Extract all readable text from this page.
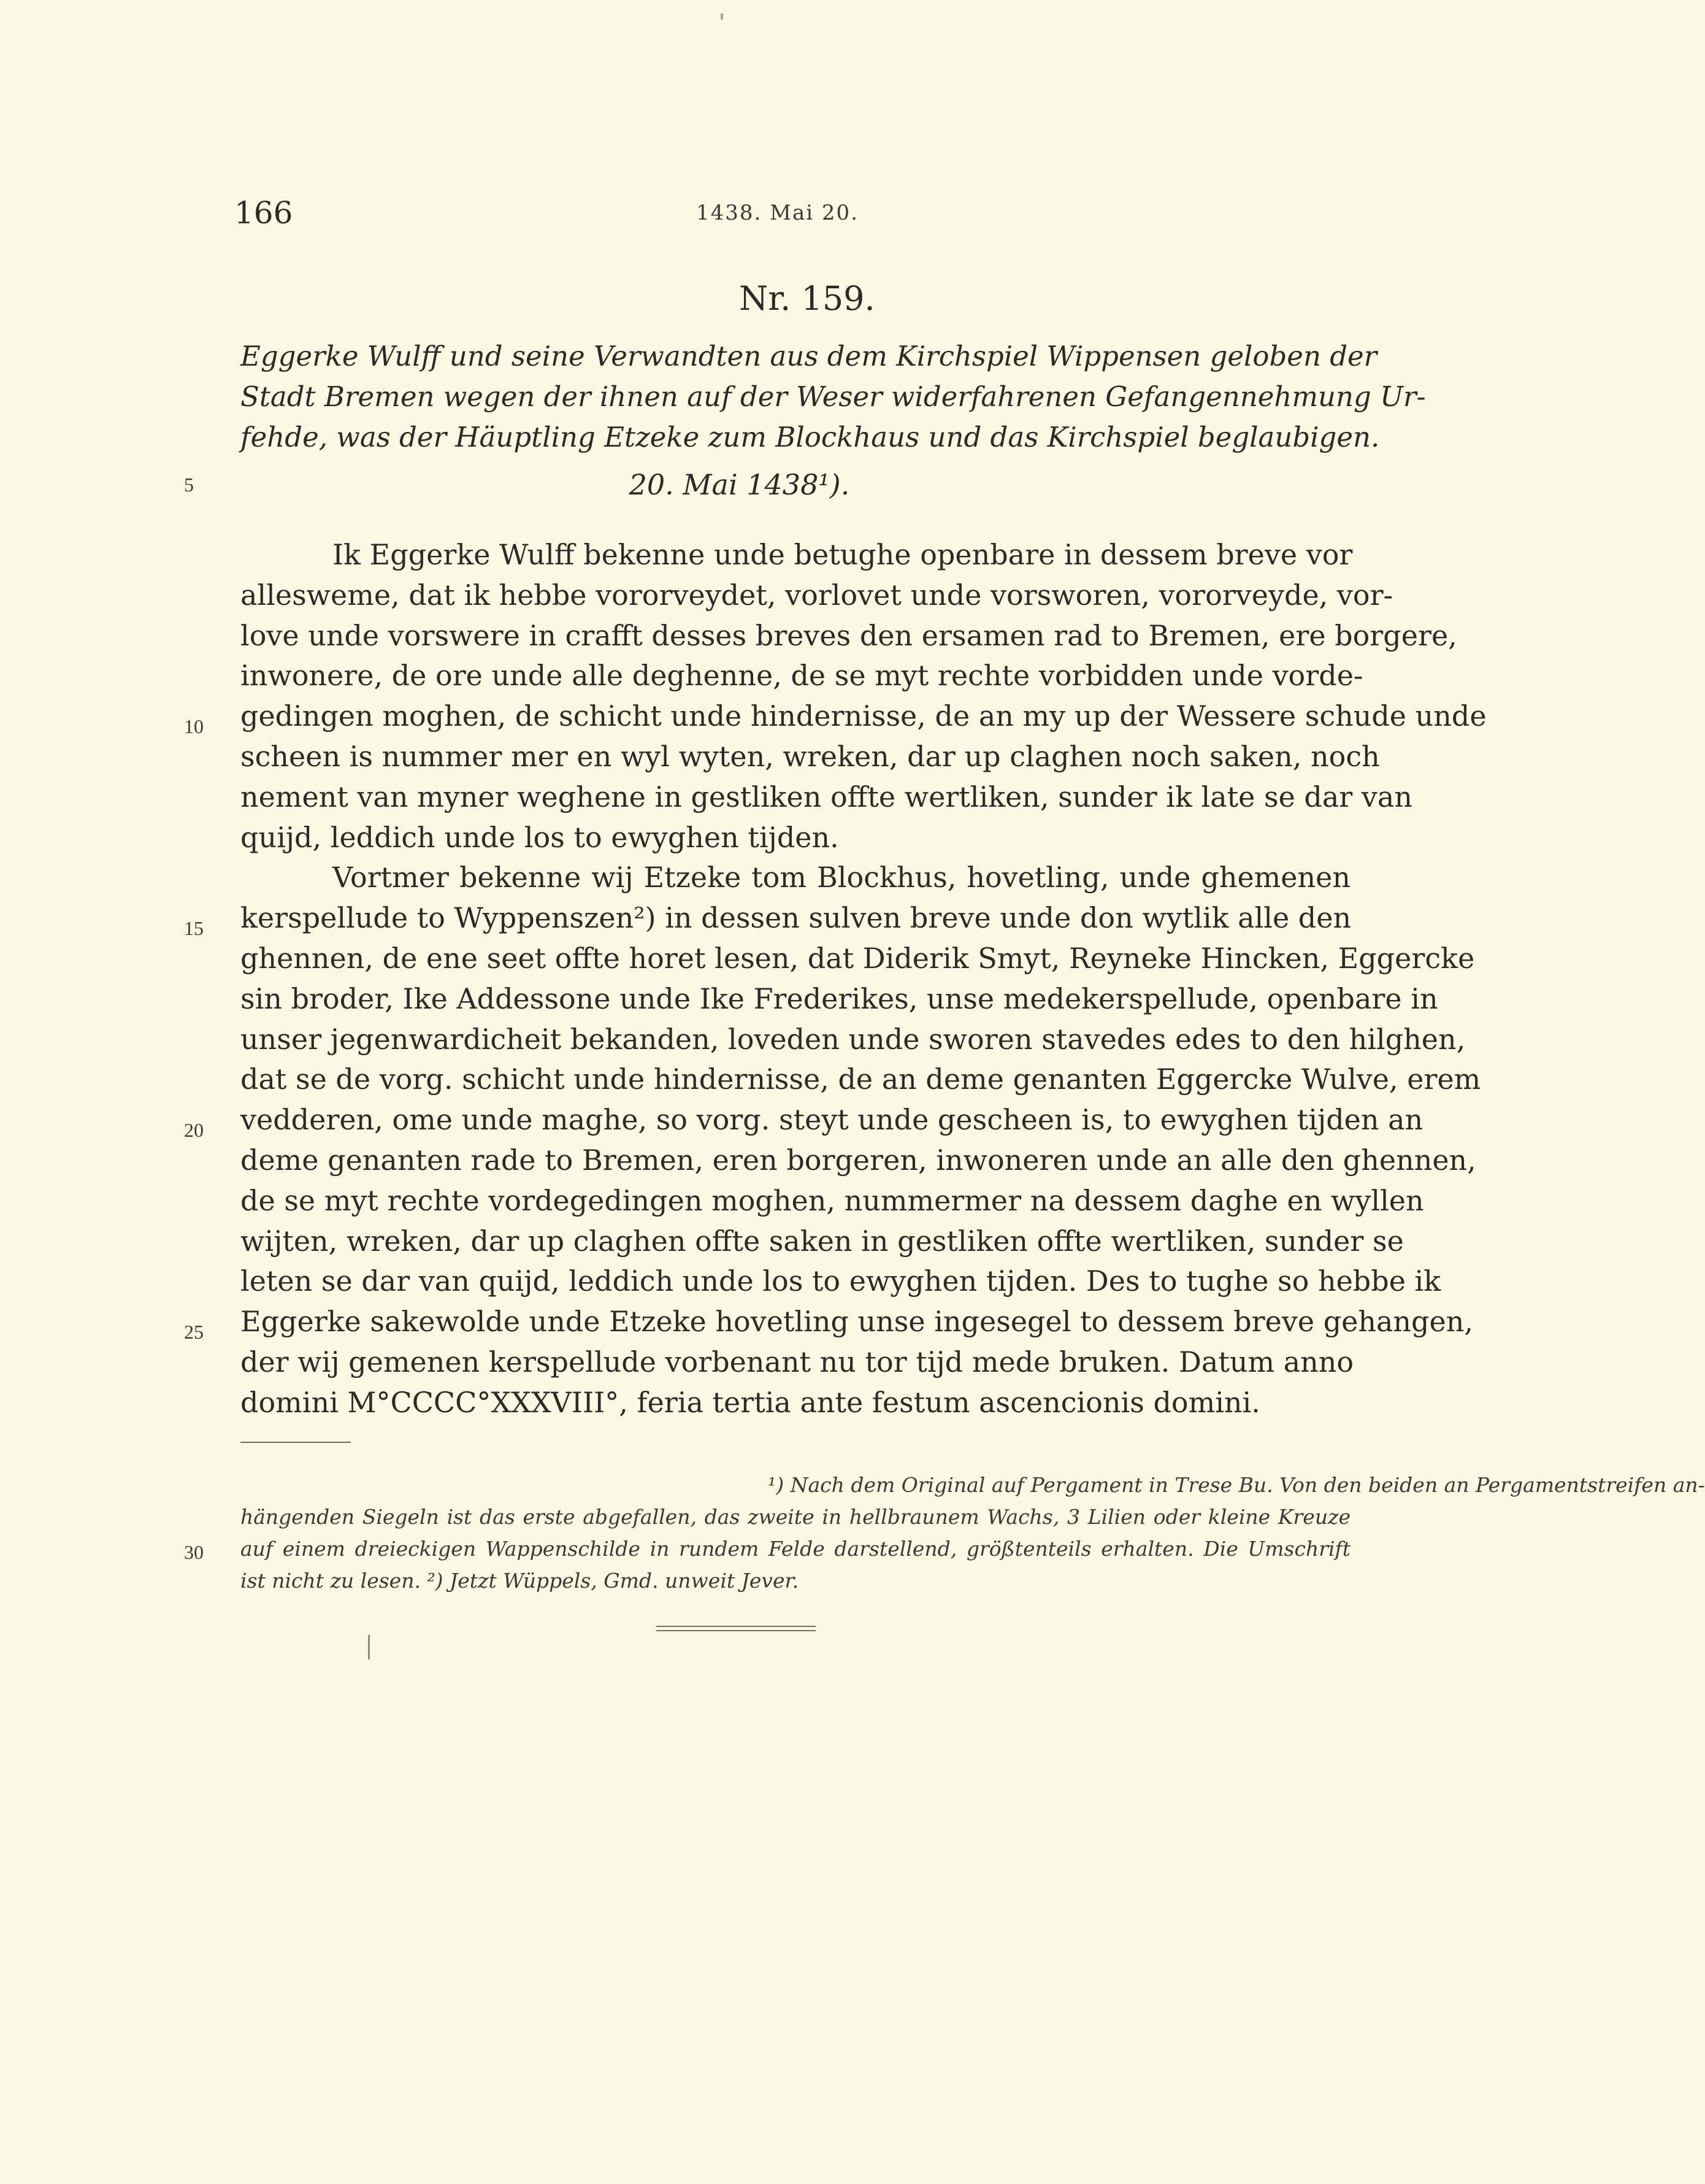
166	1438. Mai 20.
Nr. 159.
Eggerke Wulff und seine Verwandten aus dem Kirchspiel Wippensen geloben der
Stadt Bremen wegen der ihnen auf der Weser widerfahrenen Gefangennehmung Ur-
fehde, was der Häuptling Etzeke zum Blockhaus und das Kirchspiel beglaubigen.
20. Mai 1438¹).
5
10
15
20
25
30
Ik Eggerke Wulff bekenne unde betughe openbare in dessem breve vor
allesweme, dat ik hebbe vororveydet, vorlovet unde vorsworen, vororveyde, vor-
love unde vorswere in crafft desses breves den ersamen rad to Bremen, ere borgere,
inwonere, de ore unde alle deghenne, de se myt rechte vorbidden unde vorde-
gedingen moghen, de schicht unde hindernisse, de an my up der Wessere schude unde
scheen is nummer mer en wyl wyten, wreken, dar up claghen noch saken, noch
nement van myner weghene in gestliken offte wertliken, sunder ik late se dar van
quijd, leddich unde los to ewyghen tijden.
Vortmer bekenne wij Etzeke tom Blockhus, hovetling, unde ghemenen
kerspellude to Wyppenszen²) in dessen sulven breve unde don wytlik alle den
ghennen, de ene seet offte horet lesen, dat Diderik Smyt, Reyneke Hincken, Eggercke
sin broder, Ike Addessone unde Ike Frederikes, unse medekerspellude, openbare in
unser jegenwardicheit bekanden, loveden unde sworen stavedes edes to den hilghen,
dat se de vorg. schicht unde hindernisse, de an deme genanten Eggercke Wulve, erem
vedderen, ome unde maghe, so vorg. steyt unde gescheen is, to ewyghen tijden an
deme genanten rade to Bremen, eren borgeren, inwoneren unde an alle den ghennen,
de se myt rechte vordegedingen moghen, nummermer na dessem daghe en wyllen
wijten, wreken, dar up claghen offte saken in gestliken offte wertliken, sunder se
leten se dar van quijd, leddich unde los to ewyghen tijden. Des to tughe so hebbe ik
Eggerke sakewolde unde Etzeke hovetling unse ingesegel to dessem breve gehangen,
der wij gemenen kerspellude vorbenant nu tor tijd mede bruken. Datum anno
domini M°CCCC°XXXVIII°, feria tertia ante festum ascencionis domini.
¹) Nach dem Original auf Pergament in Trese Bu. Von den beiden an Pergamentstreifen an-
hängenden Siegeln ist das erste abgefallen, das zweite in hellbraunem Wachs, 3 Lilien oder kleine Kreuze
auf einem dreieckigen Wappenschilde in rundem Felde darstellend, größtenteils erhalten. Die Umschrift
ist nicht zu lesen. ²) Jetzt Wüppels, Gmd. unweit Jever.
